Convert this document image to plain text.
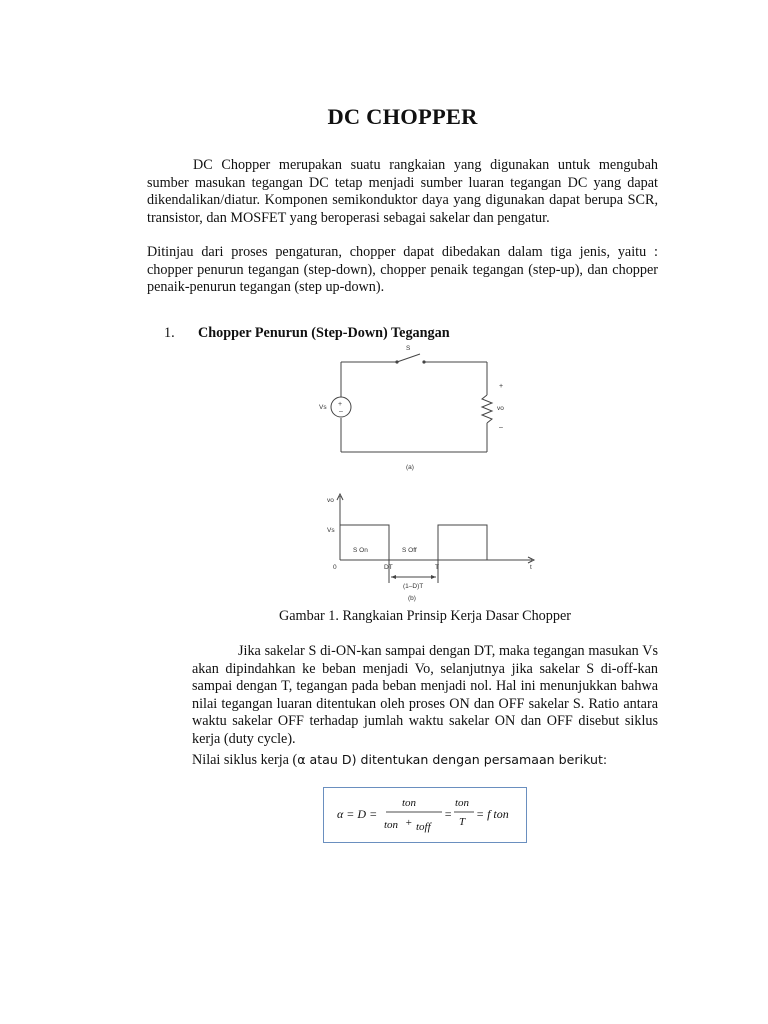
DC CHOPPER
DC Chopper merupakan suatu rangkaian yang digunakan untuk mengubah sumber masukan tegangan DC tetap menjadi sumber luaran tegangan DC yang dapat dikendalikan/diatur. Komponen semikonduktor daya yang digunakan dapat berupa SCR, transistor, dan MOSFET yang beroperasi sebagai sakelar dan pengatur.
Ditinjau dari proses pengaturan, chopper dapat dibedakan dalam tiga jenis, yaitu : chopper penurun tegangan (step-down), chopper penaik tegangan (step-up), dan chopper penaik-penurun tegangan (step up-down).
1. Chopper Penurun (Step-Down) Tegangan
+
–
S
Vs	vo
+
–
(a)
vo
Vs
S On	S Off
0	DT	T	t
(1–D)T
(b)
Gambar 1. Rangkaian Prinsip Kerja Dasar Chopper
Jika sakelar S di-ON-kan sampai dengan DT, maka tegangan masukan Vs akan dipindahkan ke beban menjadi Vo, selanjutnya jika sakelar S di-off-kan sampai dengan T, tegangan pada beban menjadi nol. Hal ini menunjukkan bahwa nilai tegangan luaran ditentukan oleh proses ON dan OFF sakelar S. Ratio antara waktu sakelar OFF terhadap jumlah waktu sakelar ON dan OFF disebut siklus kerja (duty cycle).
Nilai siklus kerja (α atau D) ditentukan dengan persamaan berikut:
α = D =
ton
ton + toff
=
ton
T
= f ton
